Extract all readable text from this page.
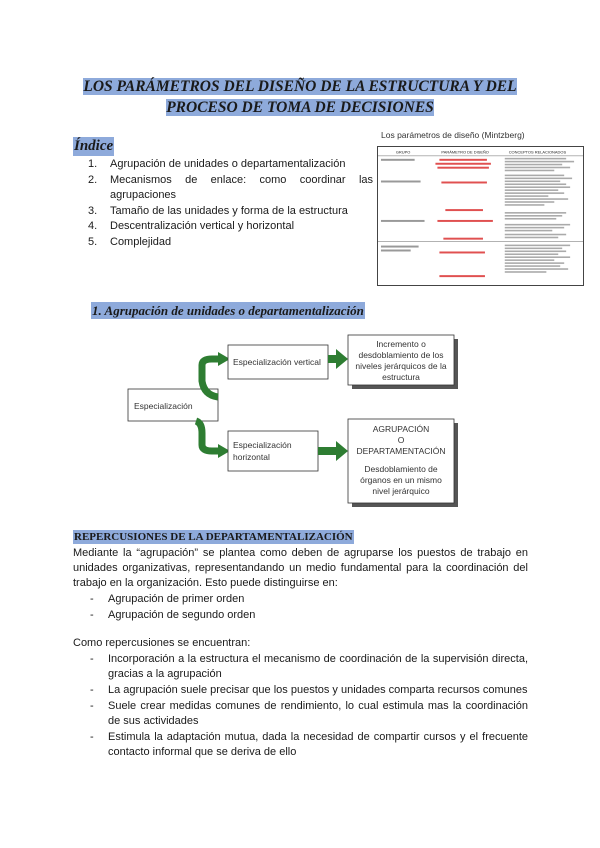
LOS PARÁMETROS DEL DISEÑO DE LA ESTRUCTURA Y DEL
PROCESO DE TOMA DE DECISIONES
Índice
1.	Agrupación de unidades o departamentalización
2.	Mecanismos de enlace: como coordinar las agrupaciones
3.	Tamaño de las unidades y forma de la estructura
4.	Descentralización vertical y horizontal
5.	Complejidad
Los parámetros de diseño (Mintzberg)
GRUPO	PARÁMETRO DE DISEÑO	CONCEPTOS RELACIONADOS
1. Agrupación de unidades o departamentalización
Especialización
Especialización vertical
Especialización
horizontal
Incremento o
desdoblamiento de los
niveles jerárquicos de la
estructura
AGRUPACIÓN
O
DEPARTAMENTACIÓN
Desdoblamiento de
órganos en un mismo
nivel jerárquico
REPERCUSIONES DE LA DEPARTAMENTALIZACIÓN
Mediante la “agrupación” se plantea como deben de agruparse los puestos de trabajo en unidades organizativas, representandando un medio fundamental para la coordinación del trabajo en la organización. Esto puede distinguirse en:
-	Agrupación de primer orden
-	Agrupación de segundo orden
Como repercusiones se encuentran:
-	Incorporación a la estructura el mecanismo de coordinación de la supervisión directa, gracias a la agrupación
-	La agrupación suele precisar que los puestos y unidades comparta recursos comunes
-	Suele crear medidas comunes de rendimiento, lo cual estimula mas la coordinación de sus actividades
-	Estimula la adaptación mutua, dada la necesidad de compartir cursos y el frecuente contacto informal que se deriva de ello
